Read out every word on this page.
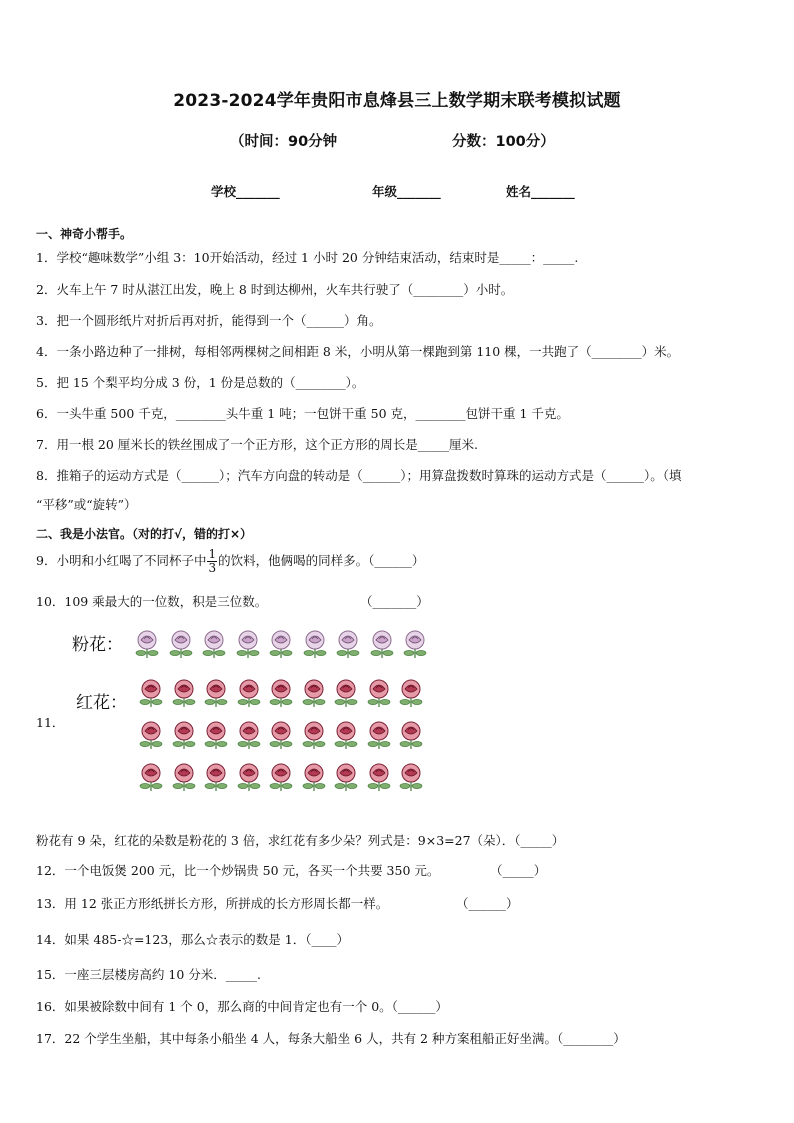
2023-2024学年贵阳市息烽县三上数学期末联考模拟试题
（时间：90分钟	分数：100分）
学校_______	年级_______	姓名_______
一、神奇小帮手。
1．学校“趣味数学”小组 3：10开始活动，经过 1 小时 20 分钟结束活动，结束时是_____：_____.
2．火车上午 7 时从湛江出发，晚上 8 时到达柳州，火车共行驶了（________）小时。
3．把一个圆形纸片对折后再对折，能得到一个（______）角。
4．一条小路边种了一排树，每相邻两棵树之间相距 8 米，小明从第一棵跑到第 110 棵，一共跑了（________）米。
5．把 15 个梨平均分成 3 份，1 份是总数的（________）。
6．一头牛重 500 千克，________头牛重 1 吨；一包饼干重 50 克，________包饼干重 1 千克。
7．用一根 20 厘米长的铁丝围成了一个正方形，这个正方形的周长是_____厘米.
8．推箱子的运动方式是（______）；汽车方向盘的转动是（______）；用算盘拨数时算珠的运动方式是（______）。（填
“平移”或“旋转”）
二、我是小法官。（对的打√，错的打×）
9．小明和小红喝了不同杯子中 $\frac{1}{3}$ 的饮料，他俩喝的同样多。（______）
10．109 乘最大的一位数，积是三位数。	（_______）
粉花：
红花：
11．
粉花有 9 朵，红花的朵数是粉花的 3 倍，求红花有多少朵？列式是：9×3=27（朵）．（_____）
12．一个电饭煲 200 元，比一个炒锅贵 50 元，各买一个共要 350 元。	（_____）
13．用 12 张正方形纸拼长方形，所拼成的长方形周长都一样。	（______）
14．如果 485-☆=123，那么☆表示的数是 1．（____）
15．一座三层楼房高约 10 分米．_____.
16．如果被除数中间有 1 个 0，那么商的中间肯定也有一个 0。（______）
17．22 个学生坐船，其中每条小船坐 4 人，每条大船坐 6 人，共有 2 种方案租船正好坐满。（________）
